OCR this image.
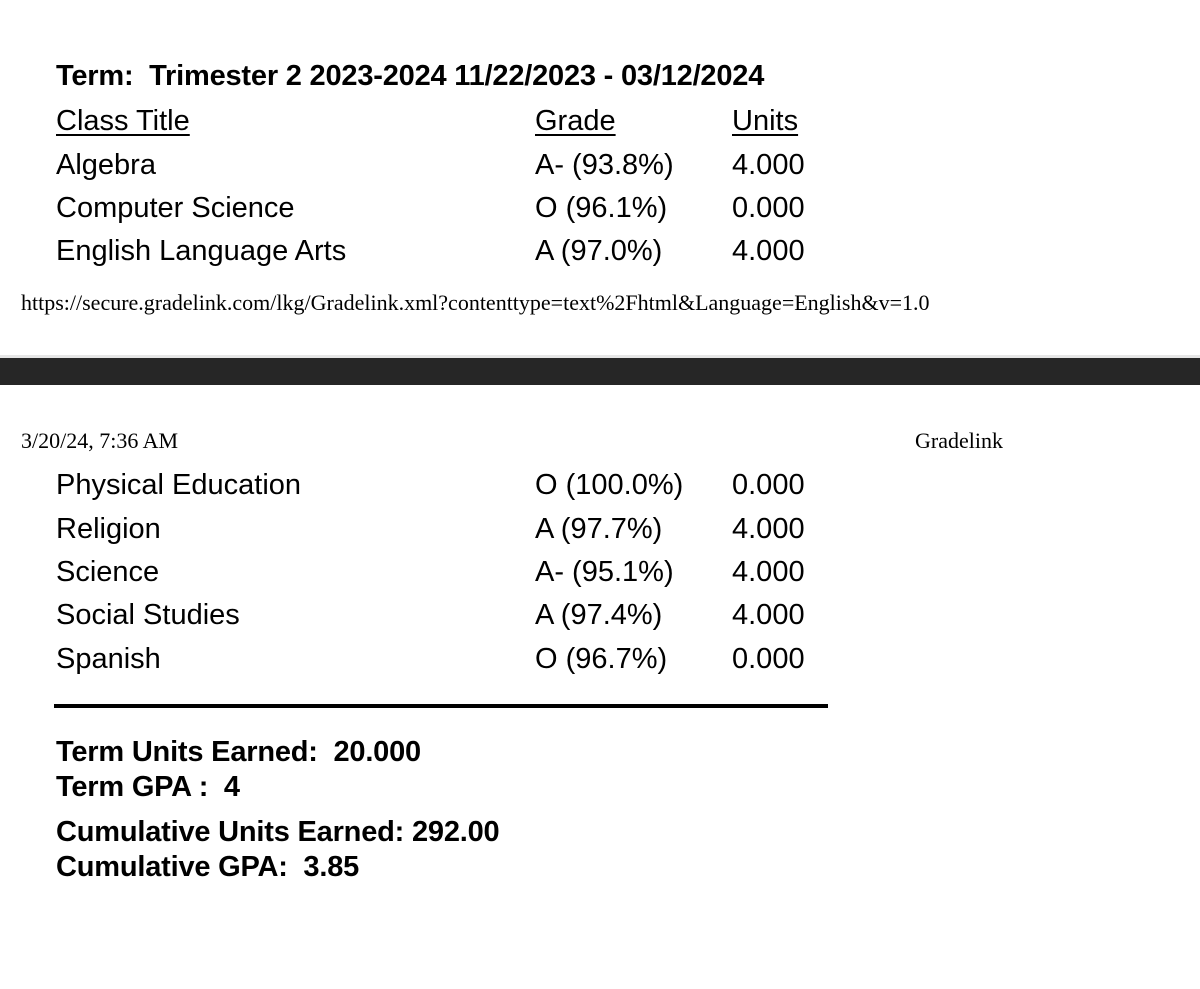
Term:  Trimester 2 2023-2024 11/22/2023 - 03/12/2024
Class Title	Grade	Units
Algebra	A- (93.8%) 4.000
Computer Science	O (96.1%) 0.000
English Language Arts	A (97.0%) 4.000
https://secure.gradelink.com/lkg/Gradelink.xml?contenttype=text%2Fhtml&Language=English&v=1.0
3/20/24, 7:36 AM	Gradelink
Physical Education	O (100.0%) 0.000
Religion	A (97.7%) 4.000
Science	A- (95.1%) 4.000
Social Studies	A (97.4%) 4.000
Spanish	O (96.7%) 0.000
Term Units Earned:  20.000
Term GPA :  4
Cumulative Units Earned: 292.00
Cumulative GPA:  3.85
